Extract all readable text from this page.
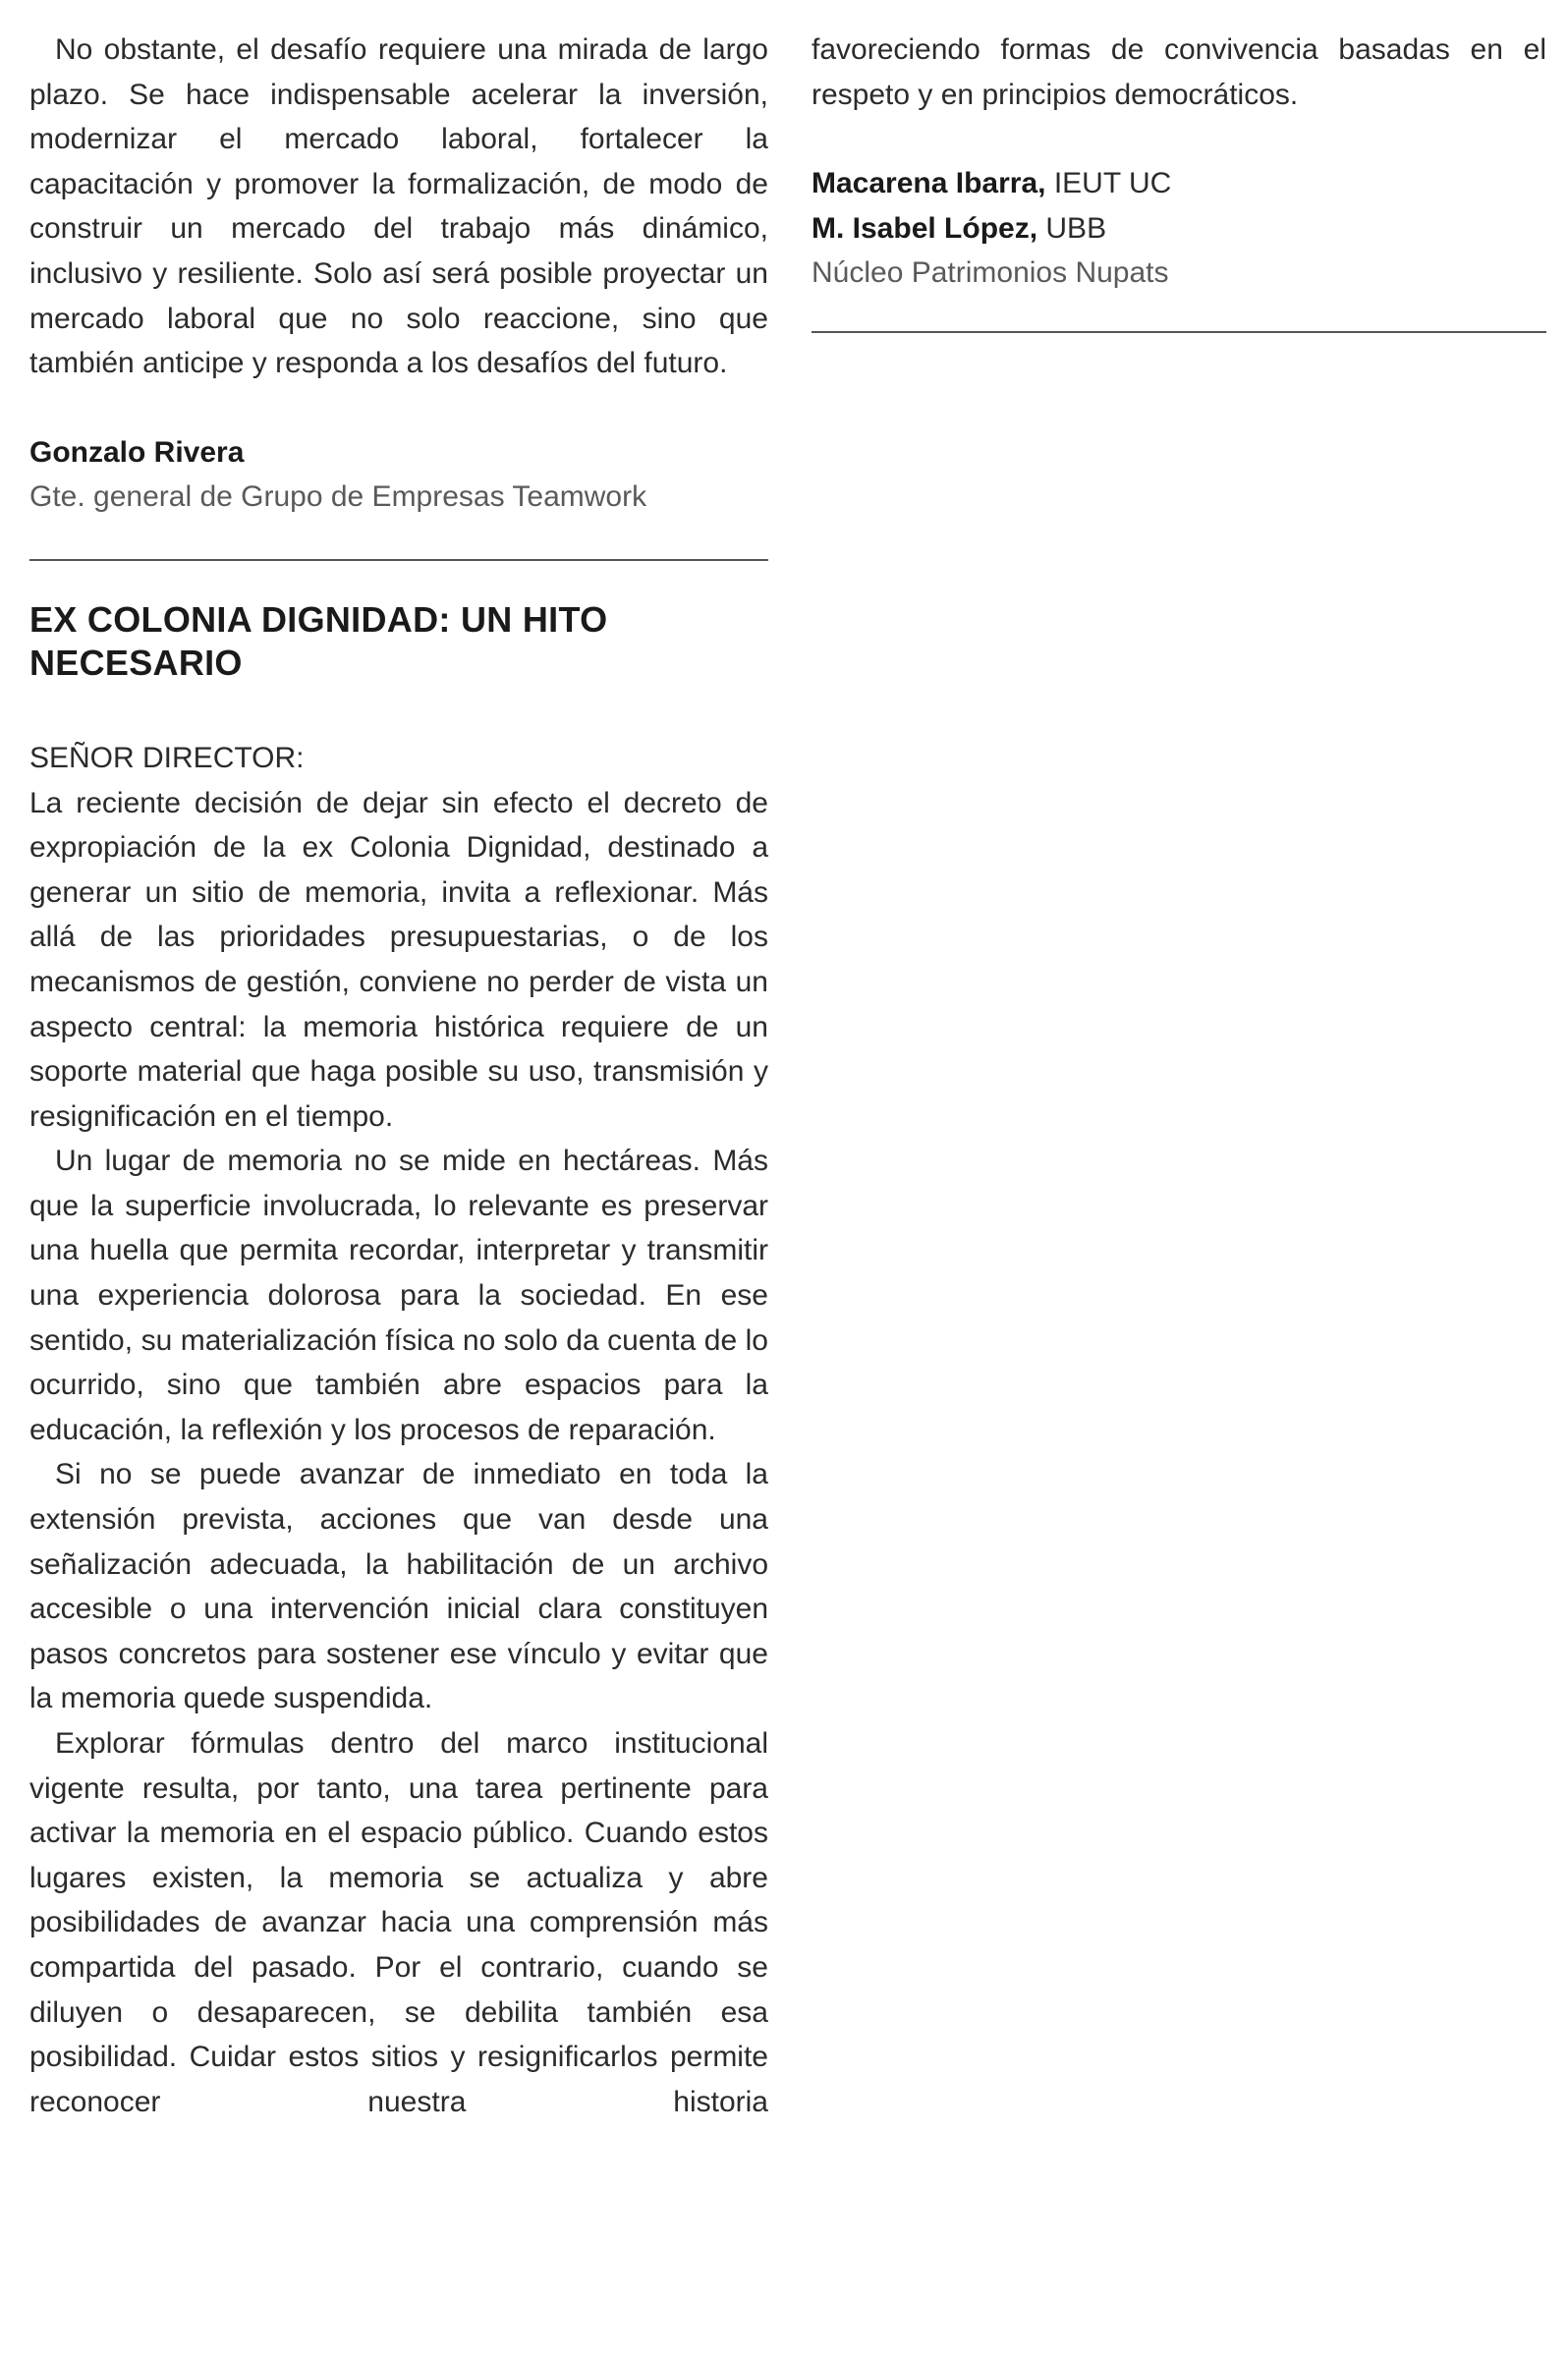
No obstante, el desafío requiere una mirada de largo plazo. Se hace indispensable acelerar la inversión, modernizar el mercado laboral, fortalecer la capacitación y promover la formalización, de modo de construir un mercado del trabajo más dinámico, inclusivo y resiliente. Solo así será posible proyectar un mercado laboral que no solo reaccione, sino que también anticipe y responda a los desafíos del futuro.

Gonzalo Rivera

Gte. general de Grupo de Empresas Teamwork

EX COLONIA DIGNIDAD: UN HITO NECESARIO

SEÑOR DIRECTOR:

La reciente decisión de dejar sin efecto el decreto de expropiación de la ex Colonia Dignidad, destinado a generar un sitio de memoria, invita a reflexionar. Más allá de las prioridades presupuestarias, o de los mecanismos de gestión, conviene no perder de vista un aspecto central: la memoria histórica requiere de un soporte material que haga posible su uso, transmisión y resignificación en el tiempo.

Un lugar de memoria no se mide en hectáreas. Más que la superficie involucrada, lo relevante es preservar una huella que permita recordar, interpretar y transmitir una experiencia dolorosa para la sociedad. En ese sentido, su materialización física no solo da cuenta de lo ocurrido, sino que también abre espacios para la educación, la reflexión y los procesos de reparación.

Si no se puede avanzar de inmediato en toda la extensión prevista, acciones que van desde una señalización adecuada, la habilitación de un archivo accesible o una intervención inicial clara constituyen pasos concretos para sostener ese vínculo y evitar que la memoria quede suspendida.

Explorar fórmulas dentro del marco institucional vigente resulta, por tanto, una tarea pertinente para activar la memoria en el espacio público. Cuando estos lugares existen, la memoria se actualiza y abre posibilidades de avanzar hacia una comprensión más compartida del pasado. Por el contrario, cuando se diluyen o desaparecen, se debilita también esa posibilidad. Cuidar estos sitios y resignificarlos permite reconocer nuestra historia

favoreciendo formas de convivencia basadas en el respeto y en principios democráticos.

Macarena Ibarra, IEUT UC

M. Isabel López, UBB

Núcleo Patrimonios Nupats
